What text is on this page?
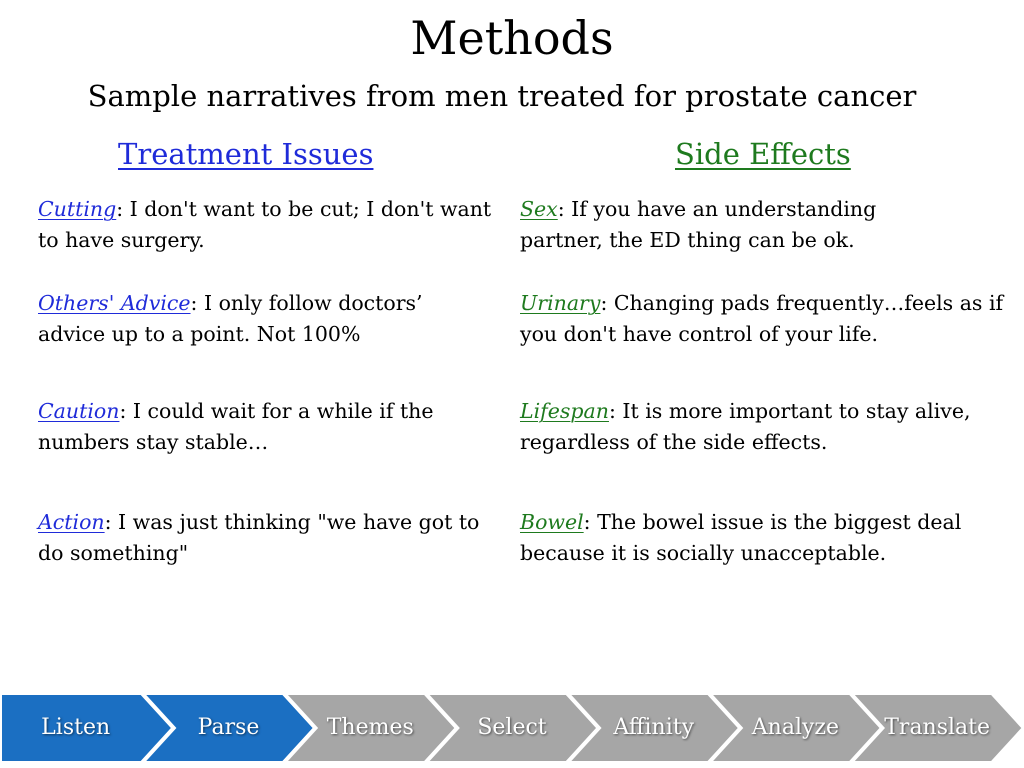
Methods
Sample narratives from men treated for prostate cancer
Treatment Issues	Side Effects
Cutting: I don't want to be cut; I don't want to have surgery.
Others' Advice: I only follow doctors’ advice up to a point. Not 100%
Caution: I could wait for a while if the numbers stay stable…
Action: I was just thinking "we have got to do something"
Sex: If you have an understanding partner, the ED thing can be ok.
Urinary: Changing pads frequently…feels as if you don't have control of your life.
Lifespan: It is more important to stay alive, regardless of the side effects.
Bowel: The bowel issue is the biggest deal because it is socially unacceptable.
Listen	Parse	Themes	Select	Affinity	Analyze	Translate
